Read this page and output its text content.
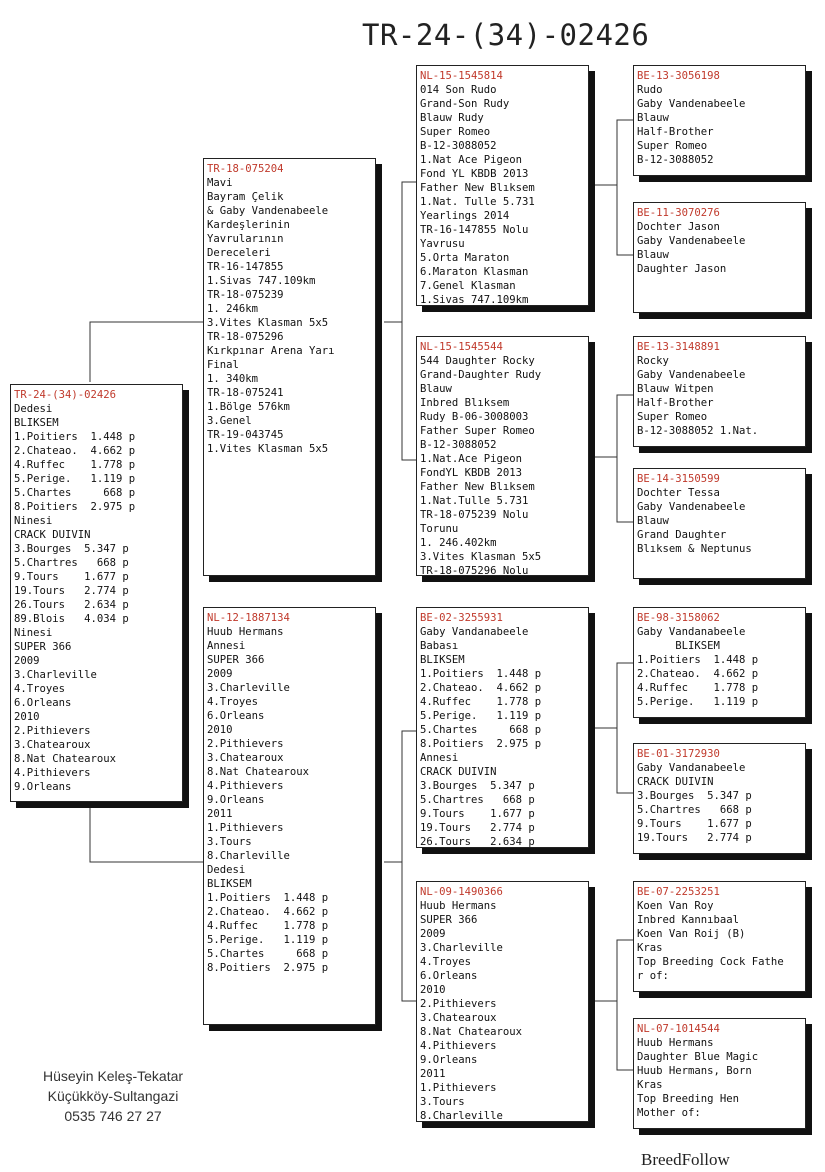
TR-24-(34)-02426
TR-24-(34)-02426
Dedesi
BLIKSEM
1.Poitiers  1.448 p
2.Chateao.  4.662 p
4.Ruffec    1.778 p
5.Perige.   1.119 p
5.Chartes     668 p
8.Poitiers  2.975 p
Ninesi
CRACK DUIVIN
3.Bourges  5.347 p
5.Chartres   668 p
9.Tours    1.677 p
19.Tours   2.774 p
26.Tours   2.634 p
89.Blois   4.034 p
Ninesi
SUPER 366
2009
3.Charleville
4.Troyes
6.Orleans
2010
2.Pithievers
3.Chatearoux
8.Nat Chatearoux
4.Pithievers
9.Orleans
TR-18-075204
Mavi
Bayram Çelik
& Gaby Vandenabeele
Kardeşlerinin
Yavrularının
Dereceleri
TR-16-147855
1.Sivas 747.109km
TR-18-075239
1. 246km
3.Vites Klasman 5x5
TR-18-075296
Kırkpınar Arena Yarı
Final
1. 340km
TR-18-075241
1.Bölge 576km
3.Genel
TR-19-043745
1.Vites Klasman 5x5
NL-12-1887134
Huub Hermans
Annesi
SUPER 366
2009
3.Charleville
4.Troyes
6.Orleans
2010
2.Pithievers
3.Chatearoux
8.Nat Chatearoux
4.Pithievers
9.Orleans
2011
1.Pithievers
3.Tours
8.Charleville
Dedesi
BLIKSEM
1.Poitiers  1.448 p
2.Chateao.  4.662 p
4.Ruffec    1.778 p
5.Perige.   1.119 p
5.Chartes     668 p
8.Poitiers  2.975 p
NL-15-1545814
014 Son Rudo
Grand-Son Rudy
Blauw Rudy
Super Romeo
B-12-3088052
1.Nat Ace Pigeon
Fond YL KBDB 2013
Father New Blıksem
1.Nat. Tulle 5.731
Yearlings 2014
TR-16-147855 Nolu
Yavrusu
5.Orta Maraton
6.Maraton Klasman
7.Genel Klasman
1.Sivas 747.109km
NL-15-1545544
544 Daughter Rocky
Grand-Daughter Rudy
Blauw
Inbred Blıksem
Rudy B-06-3008003
Father Super Romeo
B-12-3088052
1.Nat.Ace Pigeon
FondYL KBDB 2013
Father New Blıksem
1.Nat.Tulle 5.731
TR-18-075239 Nolu
Torunu
1. 246.402km
3.Vites Klasman 5x5
TR-18-075296 Nolu
BE-02-3255931
Gaby Vandanabeele
Babası
BLIKSEM
1.Poitiers  1.448 p
2.Chateao.  4.662 p
4.Ruffec    1.778 p
5.Perige.   1.119 p
5.Chartes     668 p
8.Poitiers  2.975 p
Annesi
CRACK DUIVIN
3.Bourges  5.347 p
5.Chartres   668 p
9.Tours    1.677 p
19.Tours   2.774 p
26.Tours   2.634 p
NL-09-1490366
Huub Hermans
SUPER 366
2009
3.Charleville
4.Troyes
6.Orleans
2010
2.Pithievers
3.Chatearoux
8.Nat Chatearoux
4.Pithievers
9.Orleans
2011
1.Pithievers
3.Tours
8.Charleville
BE-13-3056198
Rudo
Gaby Vandenabeele
Blauw
Half-Brother
Super Romeo
B-12-3088052
BE-11-3070276
Dochter Jason
Gaby Vandenabeele
Blauw
Daughter Jason
BE-13-3148891
Rocky
Gaby Vandenabeele
Blauw Witpen
Half-Brother
Super Romeo
B-12-3088052 1.Nat.
BE-14-3150599
Dochter Tessa
Gaby Vandenabeele
Blauw
Grand Daughter
Blıksem & Neptunus
BE-98-3158062
Gaby Vandanabeele
BLIKSEM
1.Poitiers  1.448 p
2.Chateao.  4.662 p
4.Ruffec    1.778 p
5.Perige.   1.119 p
BE-01-3172930
Gaby Vandanabeele
CRACK DUIVIN
3.Bourges  5.347 p
5.Chartres   668 p
9.Tours    1.677 p
19.Tours   2.774 p
BE-07-2253251
Koen Van Roy
Inbred Kannıbaal
Koen Van Roij (B)
Kras
Top Breeding Cock Fathe
r of:
NL-07-1014544
Huub Hermans
Daughter Blue Magic
Huub Hermans, Born
Kras
Top Breeding Hen
Mother of:
Hüseyin Keleş-Tekatar
Küçükköy-Sultangazi
0535 746 27 27
BreedFollow
